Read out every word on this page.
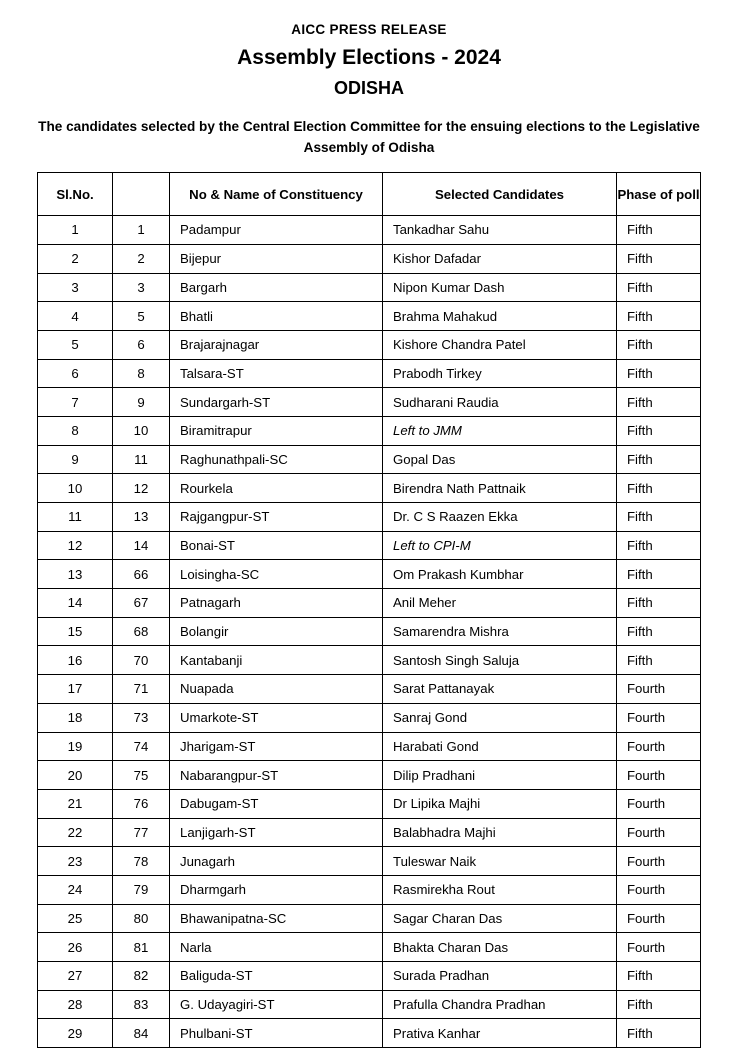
AICC PRESS RELEASE
Assembly Elections - 2024
ODISHA
The candidates selected by the Central Election Committee for the ensuing elections to the Legislative Assembly of Odisha
Sl.No.		No & Name of Constituency	Selected Candidates	Phase of poll
1	1	Padampur	Tankadhar Sahu	Fifth
2	2	Bijepur	Kishor Dafadar	Fifth
3	3	Bargarh	Nipon Kumar Dash	Fifth
4	5	Bhatli	Brahma Mahakud	Fifth
5	6	Brajarajnagar	Kishore Chandra Patel	Fifth
6	8	Talsara-ST	Prabodh Tirkey	Fifth
7	9	Sundargarh-ST	Sudharani Raudia	Fifth
8	10	Biramitrapur	Left to JMM	Fifth
9	11	Raghunathpali-SC	Gopal Das	Fifth
10	12	Rourkela	Birendra Nath Pattnaik	Fifth
11	13	Rajgangpur-ST	Dr. C S Raazen Ekka	Fifth
12	14	Bonai-ST	Left to CPI-M	Fifth
13	66	Loisingha-SC	Om Prakash Kumbhar	Fifth
14	67	Patnagarh	Anil Meher	Fifth
15	68	Bolangir	Samarendra Mishra	Fifth
16	70	Kantabanji	Santosh Singh Saluja	Fifth
17	71	Nuapada	Sarat Pattanayak	Fourth
18	73	Umarkote-ST	Sanraj Gond	Fourth
19	74	Jharigam-ST	Harabati Gond	Fourth
20	75	Nabarangpur-ST	Dilip Pradhani	Fourth
21	76	Dabugam-ST	Dr Lipika Majhi	Fourth
22	77	Lanjigarh-ST	Balabhadra Majhi	Fourth
23	78	Junagarh	Tuleswar Naik	Fourth
24	79	Dharmgarh	Rasmirekha Rout	Fourth
25	80	Bhawanipatna-SC	Sagar Charan Das	Fourth
26	81	Narla	Bhakta Charan Das	Fourth
27	82	Baliguda-ST	Surada Pradhan	Fifth
28	83	G. Udayagiri-ST	Prafulla Chandra Pradhan	Fifth
29	84	Phulbani-ST	Prativa Kanhar	Fifth
